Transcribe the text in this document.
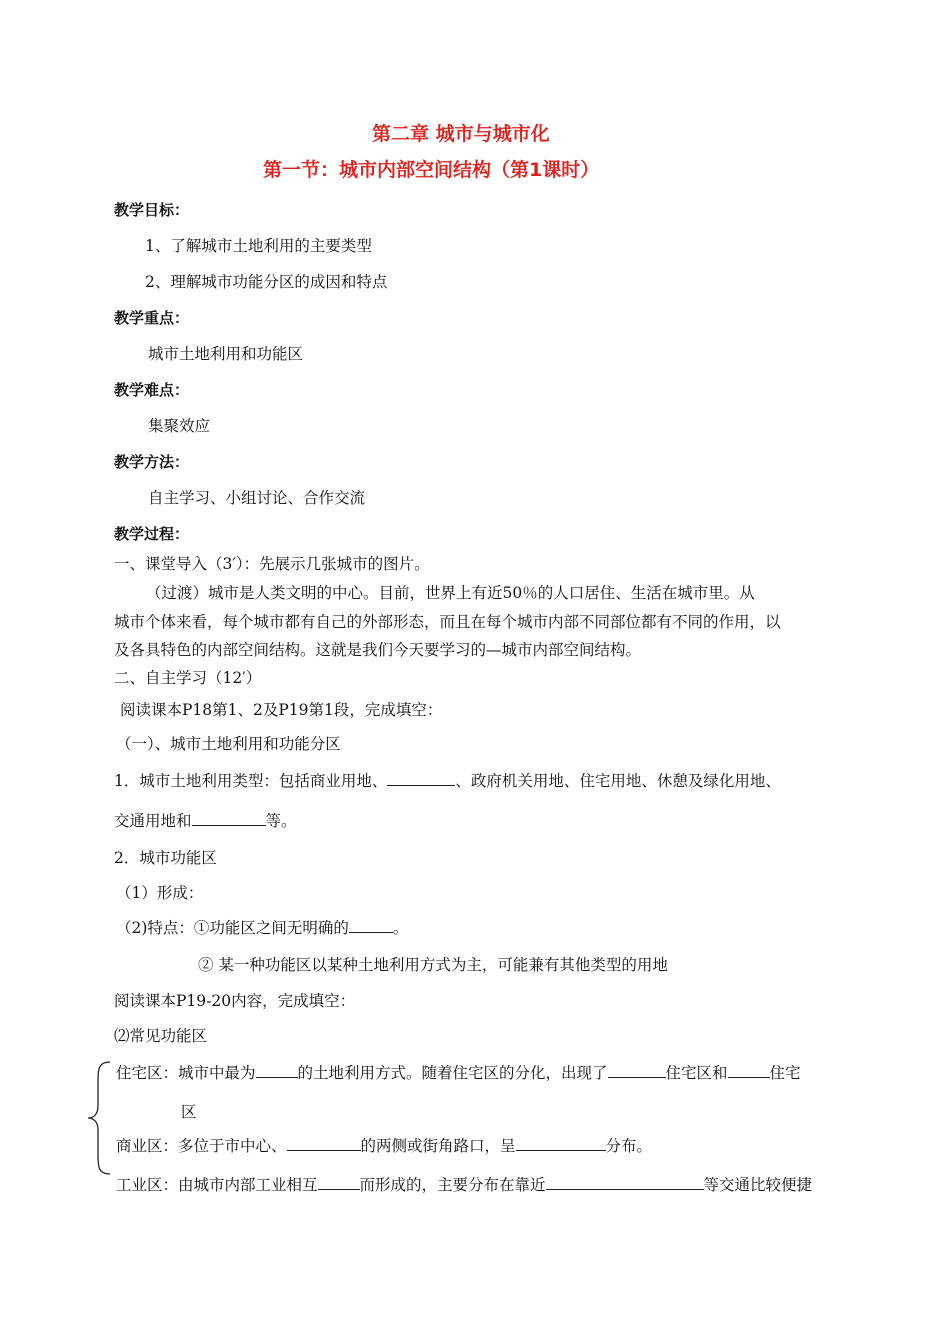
第二章 城市与城市化
第一节：城市内部空间结构（第1课时）
教学目标：
1、了解城市土地利用的主要类型
2、理解城市功能分区的成因和特点
教学重点：
城市土地利用和功能区
教学难点：
集聚效应
教学方法：
自主学习、小组讨论、合作交流
教学过程：
一、课堂导入（3′）：先展示几张城市的图片。
（过渡）城市是人类文明的中心。目前，世界上有近50％的人口居住、生活在城市里。从
城市个体来看，每个城市都有自己的外部形态，而且在每个城市内部不同部位都有不同的作用，以
及各具特色的内部空间结构。这就是我们今天要学习的—城市内部空间结构。
二、自主学习（12′）
阅读课本P18第1、2及P19第1段，完成填空：
（一）、城市土地利用和功能分区
1．城市土地利用类型：包括商业用地、	、政府机关用地、住宅用地、休憩及绿化用地、
交通用地和	等。
2．城市功能区
（1）形成：
（2)特点：①功能区之间无明确的	。
② 某一种功能区以某种土地利用方式为主，可能兼有其他类型的用地
阅读课本P19-20内容，完成填空：
⑵常见功能区
住宅区：城市中最为	的土地利用方式。随着住宅区的分化，出现了	住宅区和	住宅
区
商业区：多位于市中心、	的两侧或街角路口，呈	分布。
工业区：由城市内部工业相互	而形成的，主要分布在靠近	等交通比较便捷
